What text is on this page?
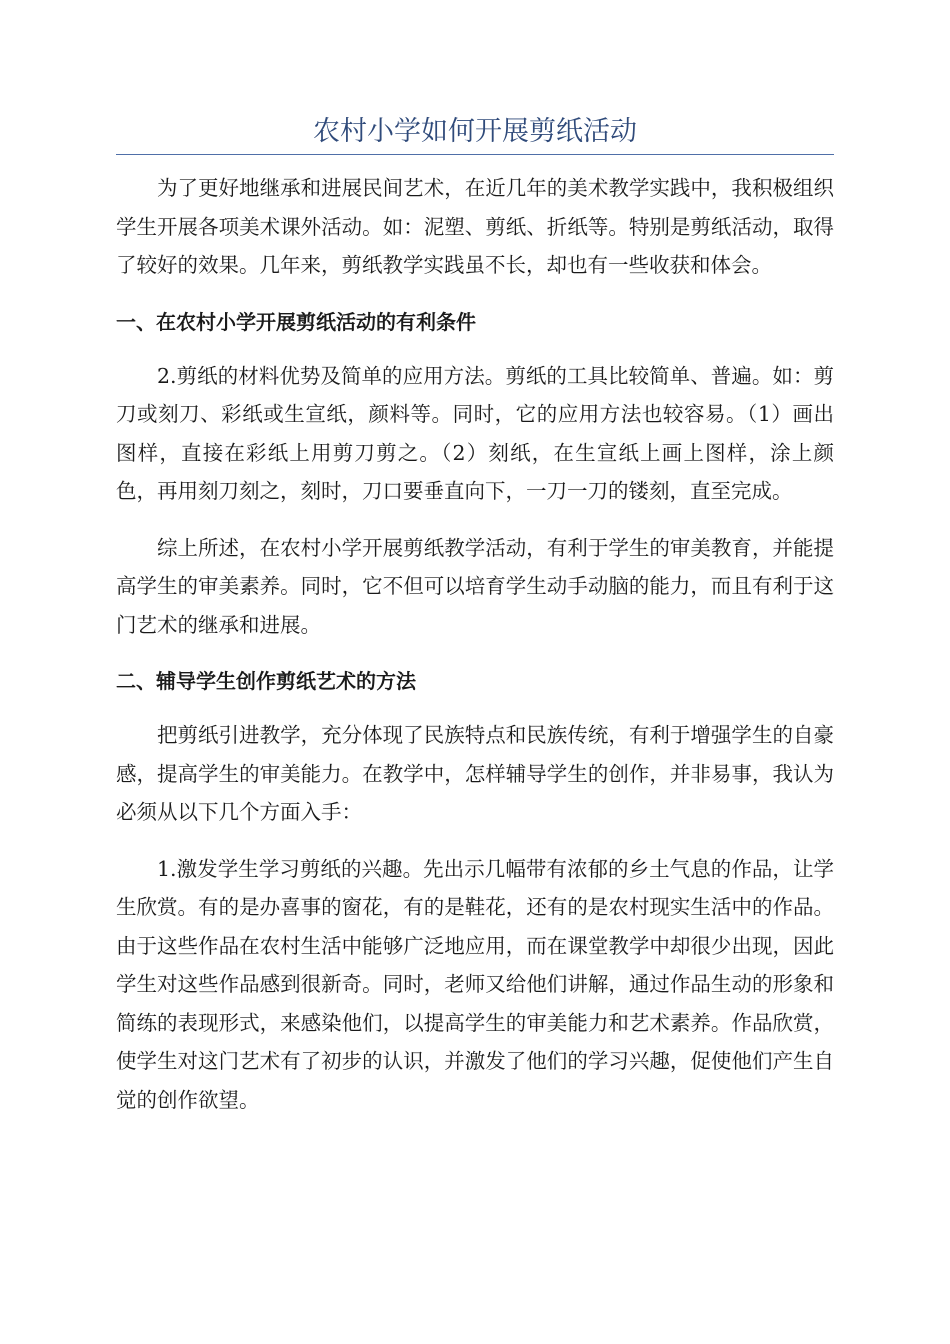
农村小学如何开展剪纸活动

为了更好地继承和进展民间艺术，在近几年的美术教学实践中，我积极组织学生开展各项美术课外活动。如：泥塑、剪纸、折纸等。特别是剪纸活动，取得了较好的效果。几年来，剪纸教学实践虽不长，却也有一些收获和体会。

一、在农村小学开展剪纸活动的有利条件

2.剪纸的材料优势及简单的应用方法。剪纸的工具比较简单、普遍。如：剪刀或刻刀、彩纸或生宣纸，颜料等。同时，它的应用方法也较容易。（1）画出图样，直接在彩纸上用剪刀剪之。（2）刻纸，在生宣纸上画上图样，涂上颜色，再用刻刀刻之，刻时，刀口要垂直向下，一刀一刀的镂刻，直至完成。

综上所述，在农村小学开展剪纸教学活动，有利于学生的审美教育，并能提高学生的审美素养。同时，它不但可以培育学生动手动脑的能力，而且有利于这门艺术的继承和进展。

二、辅导学生创作剪纸艺术的方法

把剪纸引进教学，充分体现了民族特点和民族传统，有利于增强学生的自豪感，提高学生的审美能力。在教学中，怎样辅导学生的创作，并非易事，我认为必须从以下几个方面入手：

1.激发学生学习剪纸的兴趣。先出示几幅带有浓郁的乡土气息的作品，让学生欣赏。有的是办喜事的窗花，有的是鞋花，还有的是农村现实生活中的作品。由于这些作品在农村生活中能够广泛地应用，而在课堂教学中却很少出现，因此学生对这些作品感到很新奇。同时，老师又给他们讲解，通过作品生动的形象和简练的表现形式，来感染他们，以提高学生的审美能力和艺术素养。作品欣赏，使学生对这门艺术有了初步的认识，并激发了他们的学习兴趣，促使他们产生自觉的创作欲望。
